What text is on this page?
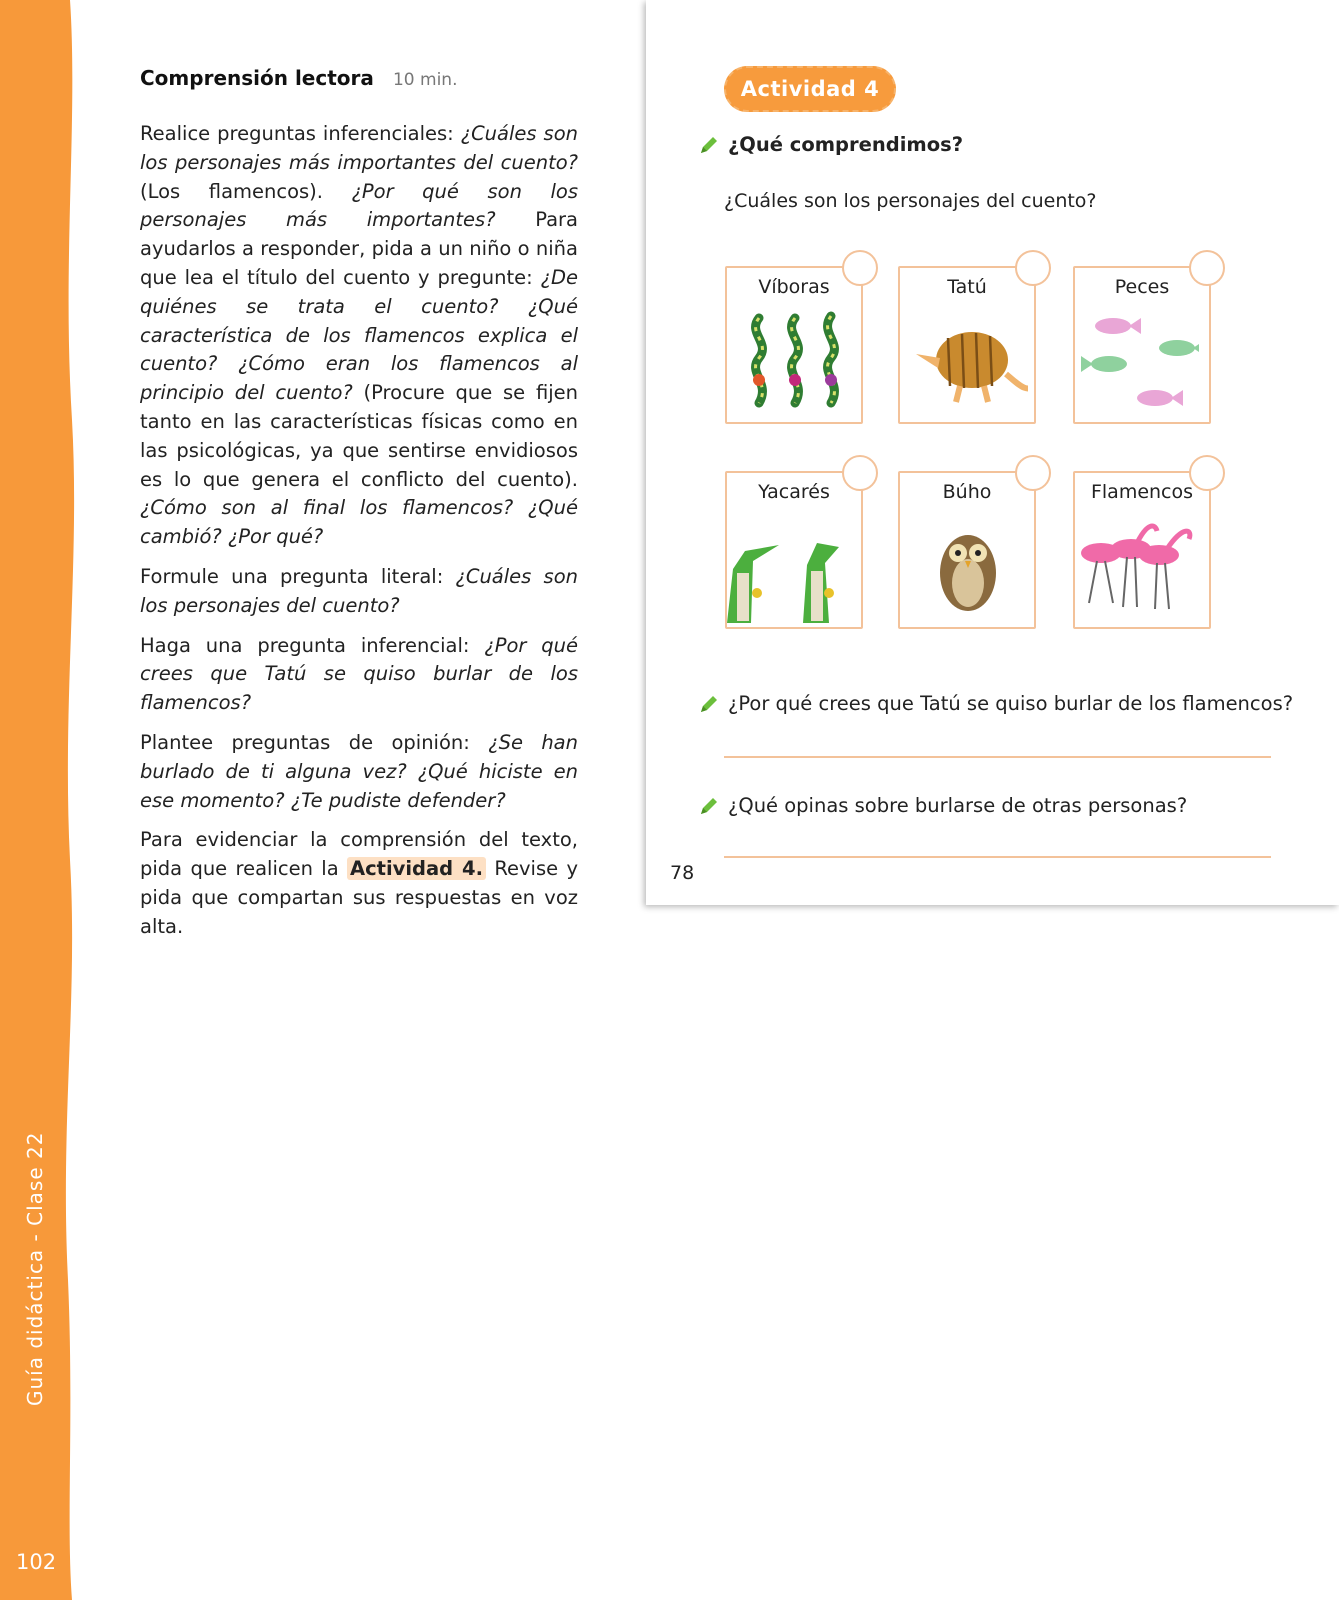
Guía didáctica - Clase 22
102
Comprensión lectora 10 min.

Realice preguntas inferenciales: ¿Cuáles son los personajes más importantes del cuento? (Los flamencos). ¿Por qué son los personajes más importantes? Para ayudarlos a responder, pida a un niño o niña que lea el título del cuento y pregunte: ¿De quiénes se trata el cuento? ¿Qué característica de los flamencos explica el cuento? ¿Cómo eran los flamencos al principio del cuento? (Procure que se fijen tanto en las características físicas como en las psicológicas, ya que sentirse envidiosos es lo que genera el conflicto del cuento). ¿Cómo son al final los flamencos? ¿Qué cambió? ¿Por qué?

Formule una pregunta literal: ¿Cuáles son los personajes del cuento?

Haga una pregunta inferencial: ¿Por qué crees que Tatú se quiso burlar de los flamencos?

Plantee preguntas de opinión: ¿Se han burlado de ti alguna vez? ¿Qué hiciste en ese momento? ¿Te pudiste defender?

Para evidenciar la comprensión del texto, pida que realicen la Actividad 4. Revise y pida que compartan sus respuestas en voz alta.

Actividad 4
¿Qué comprendimos?
¿Cuáles son los personajes del cuento?
Víboras	Tatú	Peces
Yacarés	Búho	Flamencos
¿Por qué crees que Tatú se quiso burlar de los flamencos?
¿Qué opinas sobre burlarse de otras personas?
78
